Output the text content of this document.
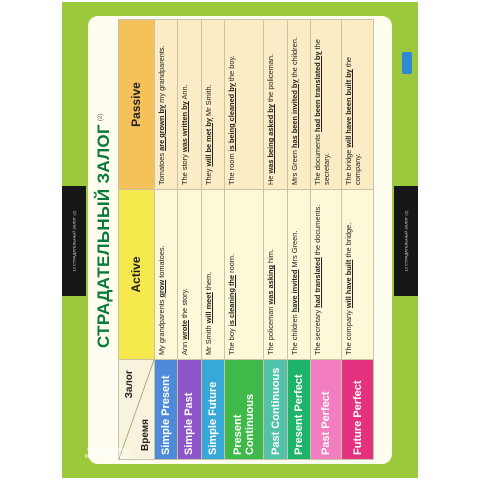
12 СТРАДАТЕЛЬНЫЙ ЗАЛОГ (2)	12 СТРАДАТЕЛЬНЫЙ ЗАЛОГ (2)
СТРАДАТЕЛЬНЫЙ ЗАЛОГ
(2)
Залог
Время	Active	Passive
Simple Present	My grandparents grow tomatoes.	Tomatoes are grown by my grandparents.
Simple Past	Ann wrote the story.	The story was written by Ann.
Simple Future	Mr Smith will meet them.	They will be met by Mr Smith.
Present Continuous	The boy is cleaning the room.	The room is being cleaned by the boy.
Past Continuous	The policeman was asking him.	He was being asked by the policeman.
Present Perfect	The children have invited Mrs Green.	Mrs Green has been invited by the children.
Past Perfect	The secretary had translated the documents.	The documents had been translated by the secretary.
Future Perfect	The company will have built the bridge.	The bridge will have been built by the company.
АНГЛИЙСКИЙ ЯЗЫК СРЕДНЯЯ ШКОЛА
